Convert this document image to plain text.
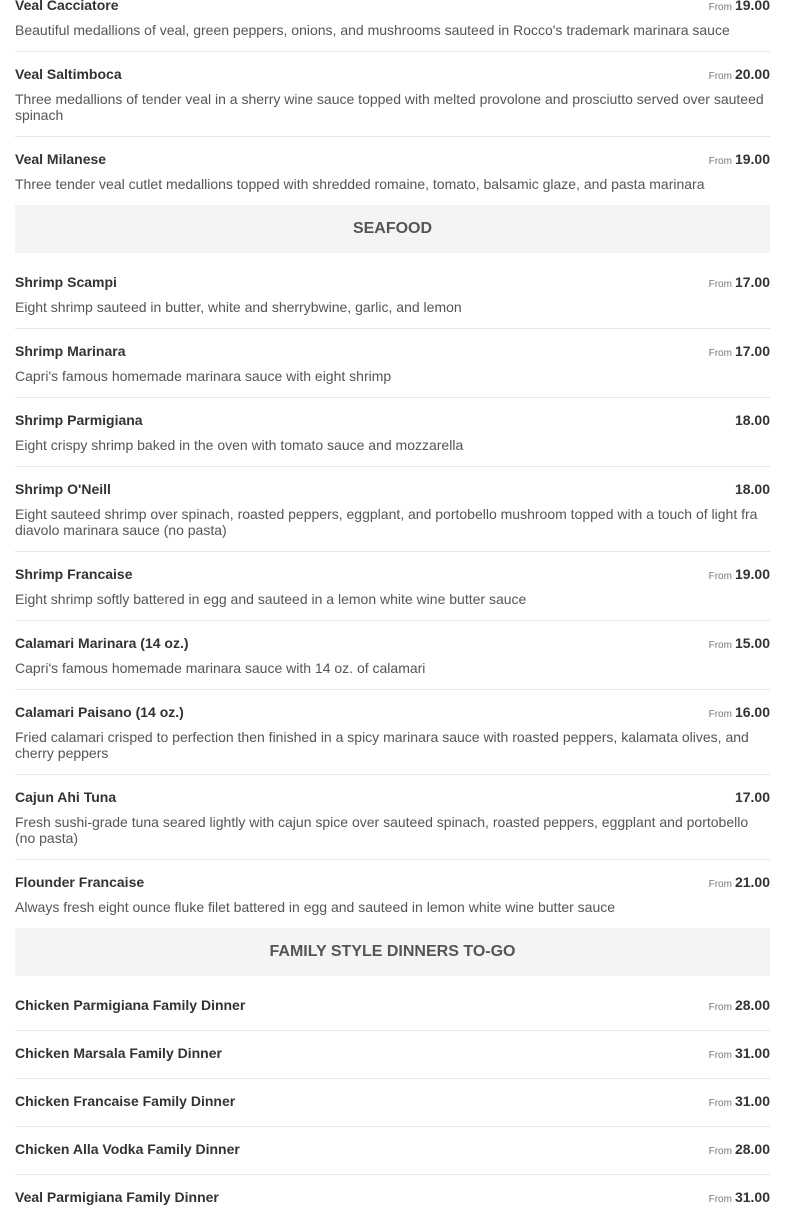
Veal Cacciatore	From 19.00
Beautiful medallions of veal, green peppers, onions, and mushrooms sauteed in Rocco's trademark marinara sauce
Veal Saltimboca	From 20.00
Three medallions of tender veal in a sherry wine sauce topped with melted provolone and prosciutto served over sauteed spinach
Veal Milanese	From 19.00
Three tender veal cutlet medallions topped with shredded romaine, tomato, balsamic glaze, and pasta marinara
SEAFOOD
Shrimp Scampi	From 17.00
Eight shrimp sauteed in butter, white and sherrybwine, garlic, and lemon
Shrimp Marinara	From 17.00
Capri's famous homemade marinara sauce with eight shrimp
Shrimp Parmigiana	18.00
Eight crispy shrimp baked in the oven with tomato sauce and mozzarella
Shrimp O'Neill	18.00
Eight sauteed shrimp over spinach, roasted peppers, eggplant, and portobello mushroom topped with a touch of light fra diavolo marinara sauce (no pasta)
Shrimp Francaise	From 19.00
Eight shrimp softly battered in egg and sauteed in a lemon white wine butter sauce
Calamari Marinara (14 oz.)	From 15.00
Capri's famous homemade marinara sauce with 14 oz. of calamari
Calamari Paisano (14 oz.)	From 16.00
Fried calamari crisped to perfection then finished in a spicy marinara sauce with roasted peppers, kalamata olives, and cherry peppers
Cajun Ahi Tuna	17.00
Fresh sushi-grade tuna seared lightly with cajun spice over sauteed spinach, roasted peppers, eggplant and portobello (no pasta)
Flounder Francaise	From 21.00
Always fresh eight ounce fluke filet battered in egg and sauteed in lemon white wine butter sauce
FAMILY STYLE DINNERS TO-GO
Chicken Parmigiana Family Dinner	From 28.00
Chicken Marsala Family Dinner	From 31.00
Chicken Francaise Family Dinner	From 31.00
Chicken Alla Vodka Family Dinner	From 28.00
Veal Parmigiana Family Dinner	From 31.00
